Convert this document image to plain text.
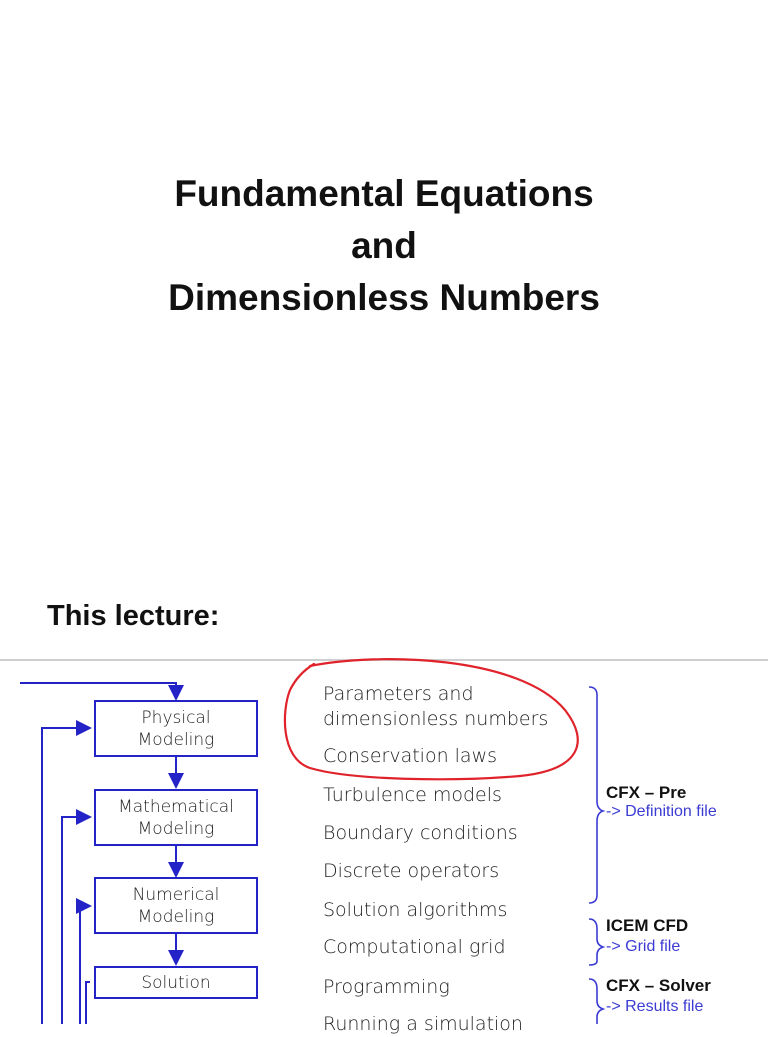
Fundamental Equations
and
Dimensionless Numbers
This lecture:
Physical
Modeling
Mathematical
Modeling
Numerical
Modeling
Solution
Parameters and
dimensionless numbers
Conservation laws
Turbulence models
Boundary conditions
Discrete operators
Solution algorithms
Computational grid
Programming
Running a simulation
CFX – Pre
-> Definition file
ICEM CFD
-> Grid file
CFX – Solver
-> Results file
